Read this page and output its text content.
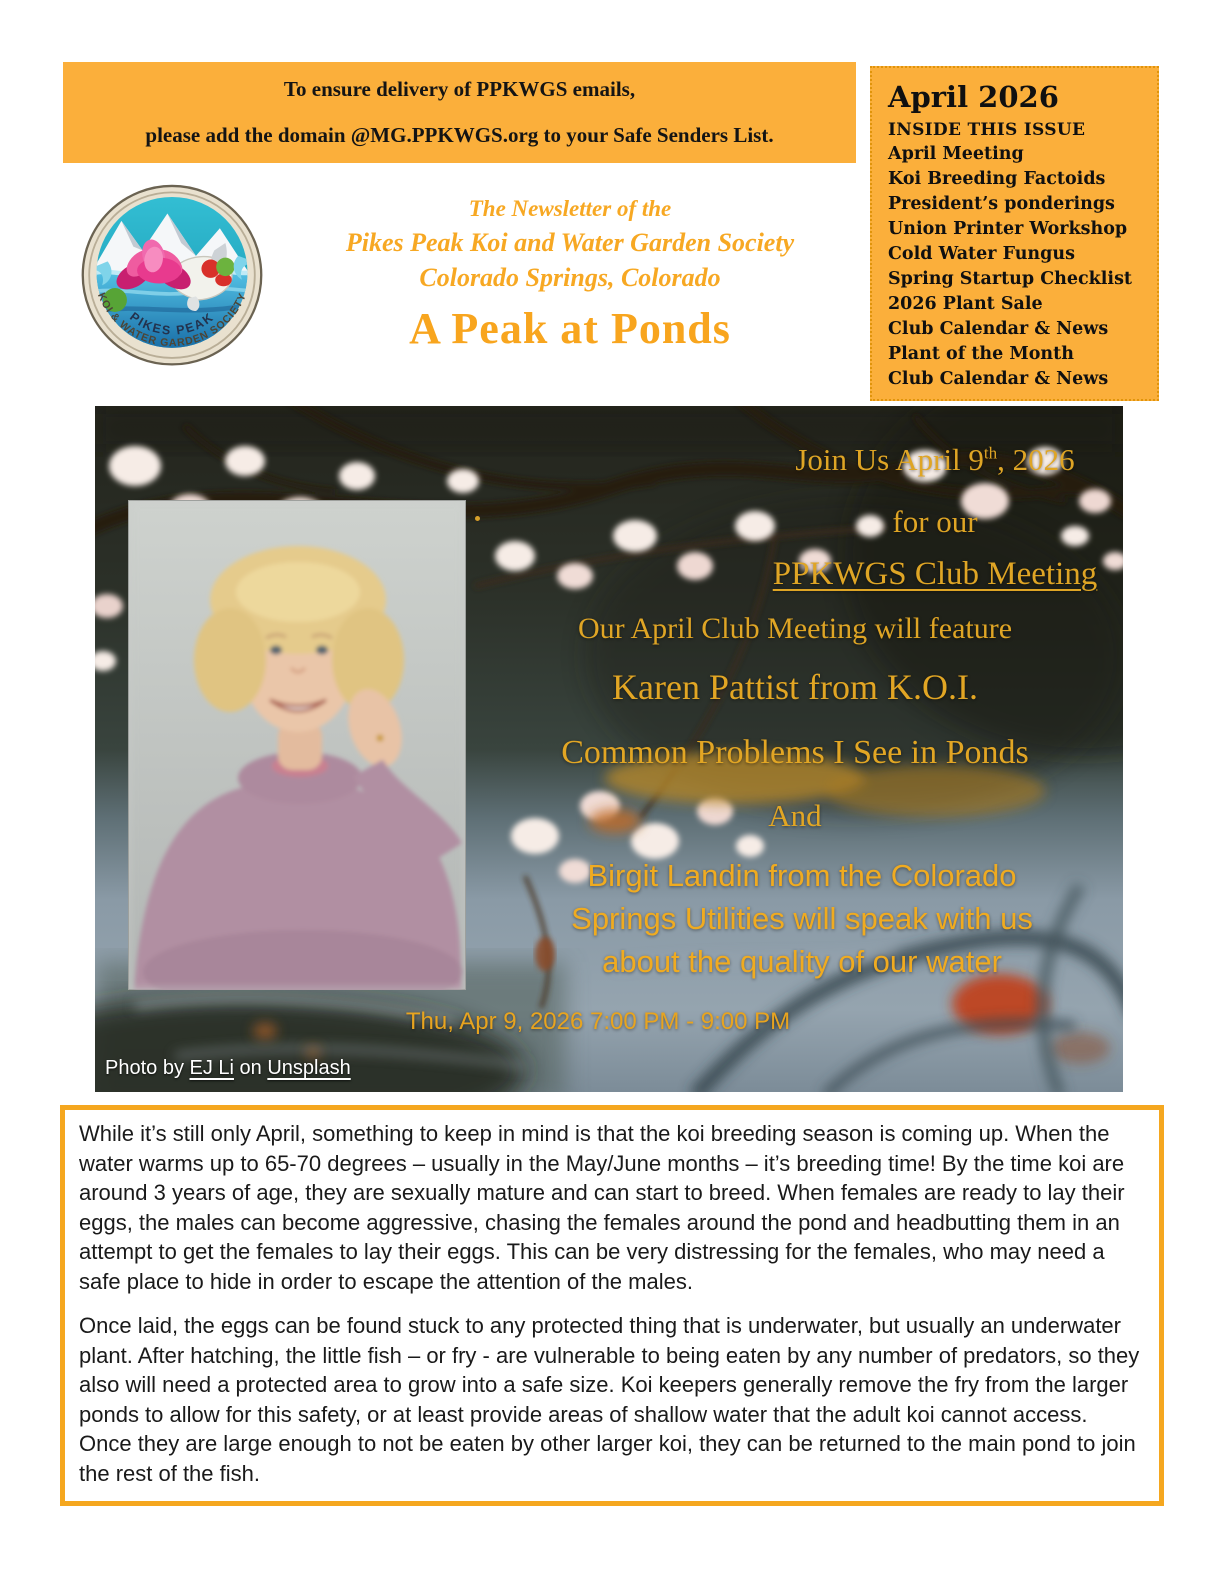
To ensure delivery of PPKWGS emails,

please add the domain @MG.PPKWGS.org to your Safe Senders List.

April 2026

INSIDE THIS ISSUE

April Meeting
Koi Breeding Factoids
President’s ponderings
Union Printer Workshop
Cold Water Fungus
Spring Startup Checklist
2026 Plant Sale
Club Calendar & News
Plant of the Month
Club Calendar & News
PIKES PEAK
KOI & WATER GARDEN SOCIETY

The Newsletter of the

Pikes Peak Koi and Water Garden Society

Colorado Springs, Colorado

A Peak at Ponds

Join Us April 9th, 2026
for our
PPKWGS Club Meeting
Our April Club Meeting will feature
Karen Pattist from K.O.I.
Common Problems I See in Ponds
And
Birgit Landin from the Colorado
Springs Utilities will speak with us
about the quality of our water
Thu, Apr 9, 2026 7:00 PM - 9:00 PM
Photo by EJ Li on Unsplash

While it’s still only April, something to keep in mind is that the koi breeding season is coming up. When the water warms up to 65-70 degrees – usually in the May/June months – it’s breeding time! By the time koi are around 3 years of age, they are sexually mature and can start to breed. When females are ready to lay their eggs, the males can become aggressive, chasing the females around the pond and headbutting them in an attempt to get the females to lay their eggs. This can be very distressing for the females, who may need a safe place to hide in order to escape the attention of the males.

Once laid, the eggs can be found stuck to any protected thing that is underwater, but usually an underwater plant. After hatching, the little fish – or fry - are vulnerable to being eaten by any number of predators, so they also will need a protected area to grow into a safe size. Koi keepers generally remove the fry from the larger ponds to allow for this safety, or at least provide areas of shallow water that the adult koi cannot access. Once they are large enough to not be eaten by other larger koi, they can be returned to the main pond to join the rest of the fish.
